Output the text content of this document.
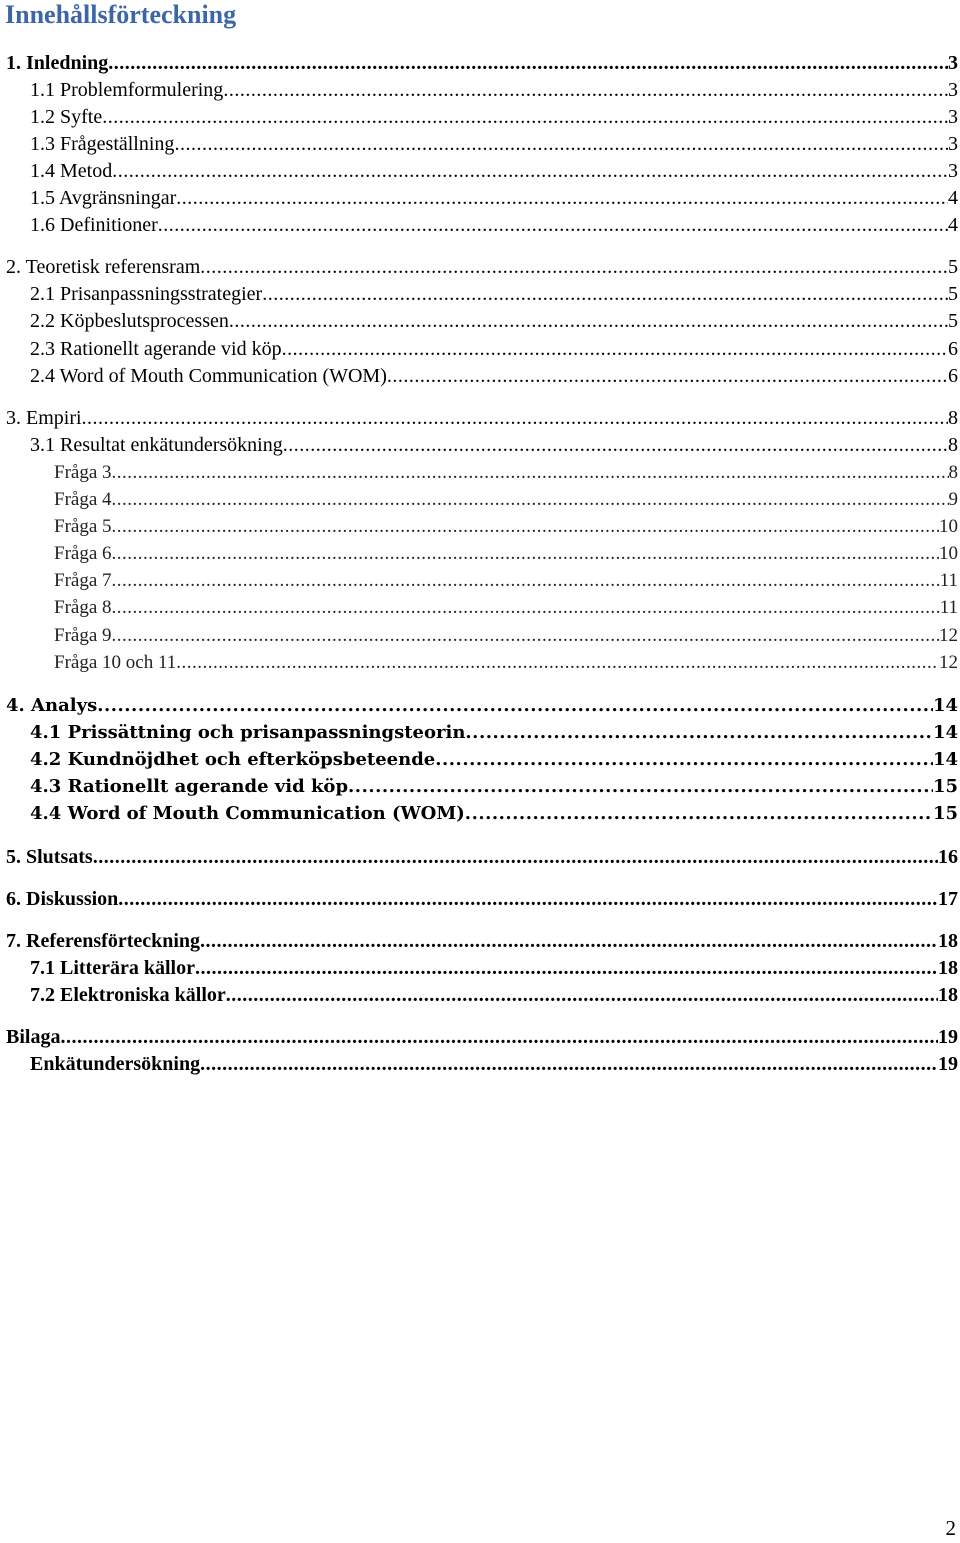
Innehållsförteckning
1. Inledning .....	3
1.1 Problemformulering .....	3
1.2 Syfte .....	3
1.3 Frågeställning .....	3
1.4 Metod .....	3
1.5 Avgränsningar .....	4
1.6 Definitioner .....	4
2. Teoretisk referensram .....	5
2.1 Prisanpassningsstrategier .....	5
2.2 Köpbeslutsprocessen .....	5
2.3 Rationellt agerande vid köp .....	6
2.4 Word of Mouth Communication (WOM) .....	6
3. Empiri .....	8
3.1 Resultat enkätundersökning .....	8
Fråga 3 .....	8
Fråga 4 .....	9
Fråga 5 .....	10
Fråga 6 .....	10
Fråga 7 .....	11
Fråga 8 .....	11
Fråga 9 .....	12
Fråga 10 och 11 .....	12
4. Analys .....	14
4.1 Prissättning och prisanpassningsteorin .....	14
4.2 Kundnöjdhet och efterköpsbeteende .....	14
4.3 Rationellt agerande vid köp .....	15
4.4 Word of Mouth Communication (WOM) .....	15
5. Slutsats .....	16
6. Diskussion .....	17
7. Referensförteckning .....	18
7.1 Litterära källor .....	18
7.2 Elektroniska källor .....	18
Bilaga .....	19
Enkätundersökning .....	19
2
